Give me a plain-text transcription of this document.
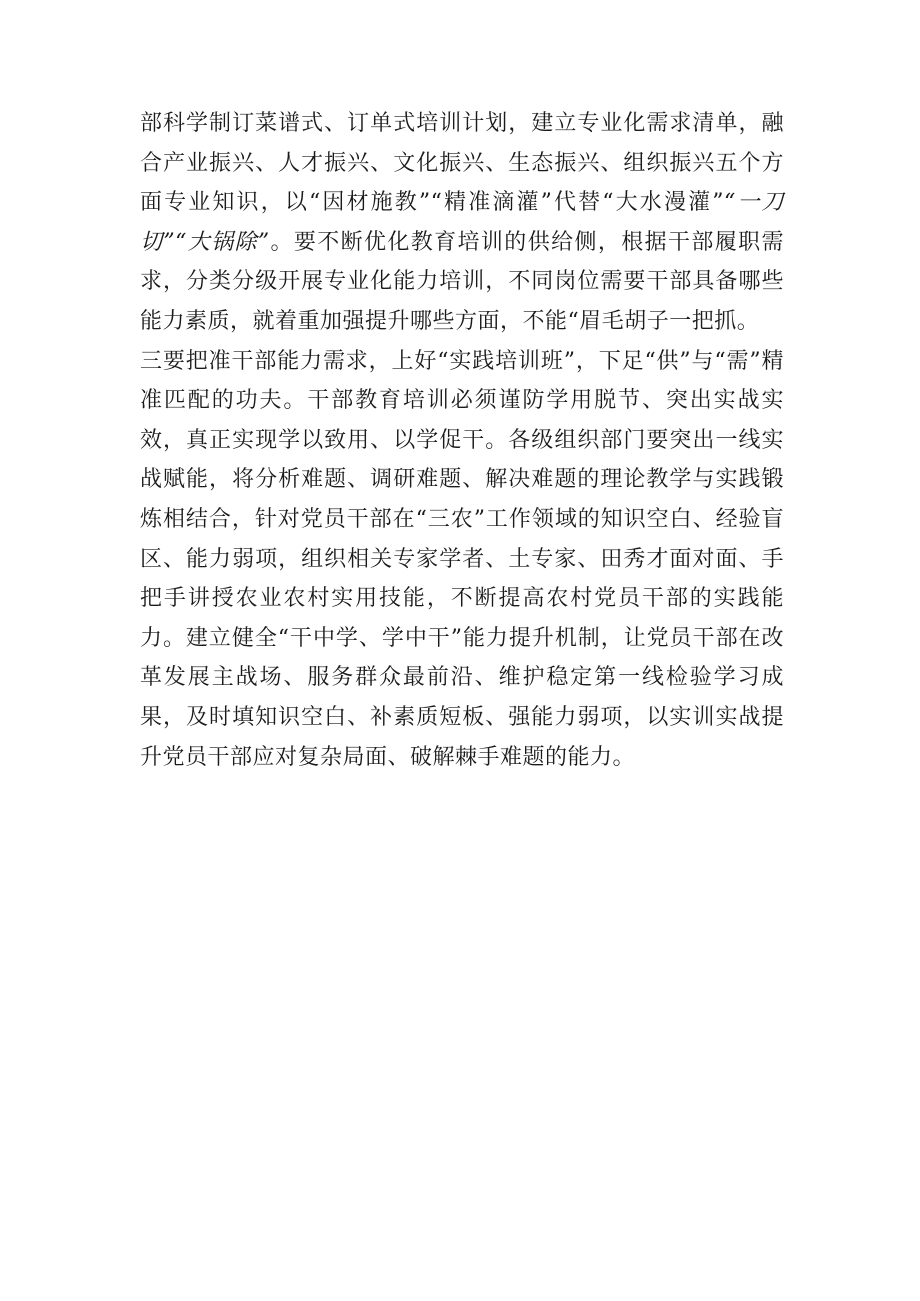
部科学制订菜谱式、订单式培训计划，建立专业化需求清单，融合产业振兴、人才振兴、文化振兴、生态振兴、组织振兴五个方面专业知识，以“因材施教”“精准滴灌”代替“大水漫灌”“一刀切”“大锅除”。要不断优化教育培训的供给侧，根据干部履职需求，分类分级开展专业化能力培训，不同岗位需要干部具备哪些能力素质，就着重加强提升哪些方面，不能“眉毛胡子一把抓。

三要把准干部能力需求，上好“实践培训班”，下足“供”与“需”精准匹配的功夫。干部教育培训必须谨防学用脱节、突出实战实效，真正实现学以致用、以学促干。各级组织部门要突出一线实战赋能，将分析难题、调研难题、解决难题的理论教学与实践锻炼相结合，针对党员干部在“三农”工作领域的知识空白、经验盲区、能力弱项，组织相关专家学者、土专家、田秀才面对面、手把手讲授农业农村实用技能，不断提高农村党员干部的实践能力。建立健全“干中学、学中干”能力提升机制，让党员干部在改革发展主战场、服务群众最前沿、维护稳定第一线检验学习成果，及时填知识空白、补素质短板、强能力弱项，以实训实战提升党员干部应对复杂局面、破解棘手难题的能力。
